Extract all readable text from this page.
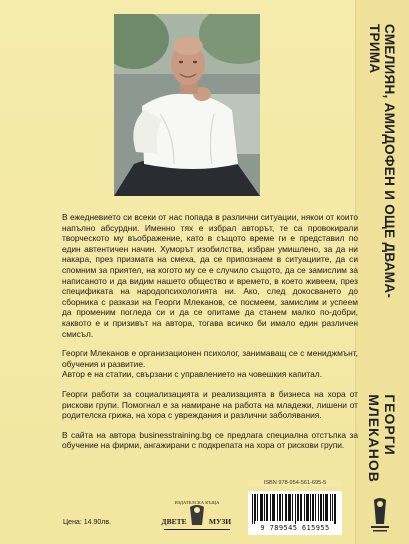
СМЕЛИЯН, АМИДОФЕН И ОЩЕ ДВАМА-ТРИМА
ГЕОРГИ МЛЕКАНОВ

В ежедневието си всеки от нас попада в различни ситуации, някои от които напълно абсурдни. Именно тях е избрал авторът, те са провокирали творческото му въображение, като в същото време ги е представил по един автентичен начин. Хуморът изобилства, избран умишлено, за да ни накара, през призмата на смеха, да се припознаем в ситуациите, да си спомним за приятел, на когото му се е случило същото, да се замислим за написаното и да видим нашето общество и времето, в което живеем, през спецификата на народопсихологията ни. Ако, след докосването до сборника с разкази на Георги Млеканов, се посмеем, замислим и успеем да променим погледа си и да се опитаме да станем малко по-добри, каквото е и призивът на автора, тогава всичко би имало един различен смисъл.

Георги Млеканов е организационен психолог, занимаващ се с мениджмънт, обучения и развитие.
Автор е на статии, свързани с управлението на човешкия капитал.

Георги работи за социализацията и реализацията в бизнеса на хора от рискови групи. Помогнал е за намиране на работа на младежи, лишени от родителска грижа, на хора с увреждания и различни заболявания.

В сайта на автора businesstraining.bg се предлага специална отстъпка за обучение на фирми, ангажирани с подкрепата на хора от рискови групи.

ISBN 978-954-561-695-5
9 789545 615955
Цена: 14.90лв.
ИЗДАТЕЛСКА КЪЩА
ДВЕТЕ	МУЗИ
